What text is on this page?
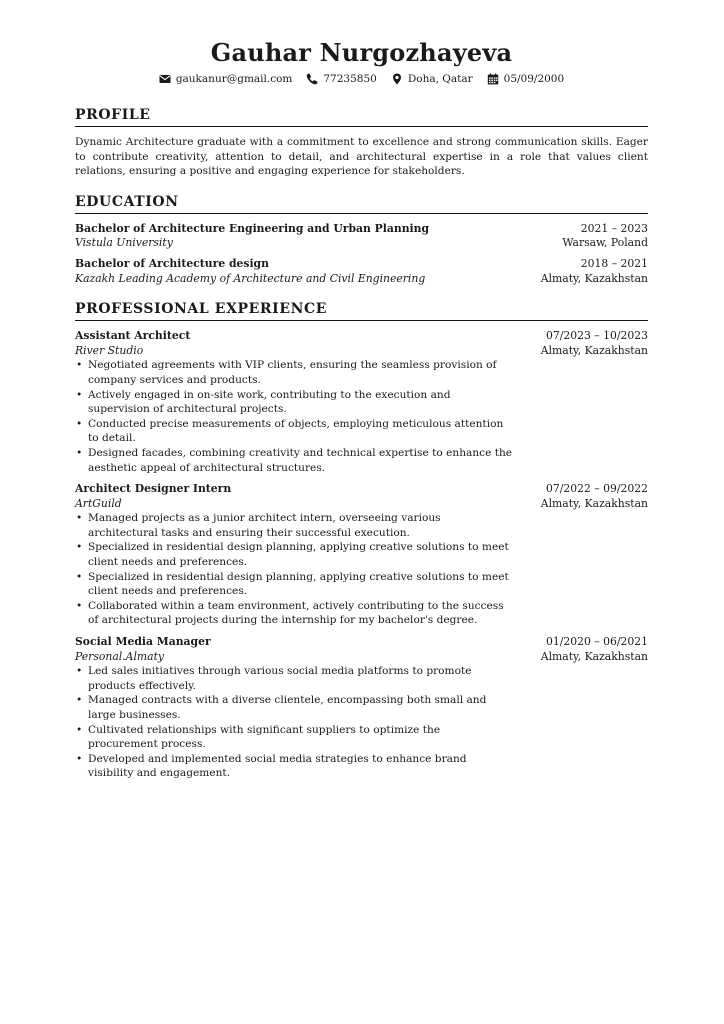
Gauhar Nurgozhayeva
gaukanur@gmail.com	77235850	Doha, Qatar	05/09/2000
PROFILE

Dynamic Architecture graduate with a commitment to excellence and strong communication skills. Eager to contribute creativity, attention to detail, and architectural expertise in a role that values client relations, ensuring a positive and engaging experience for stakeholders.

EDUCATION
Bachelor of Architecture Engineering and Urban Planning	2021 – 2023
Vistula University	Warsaw, Poland
Bachelor of Architecture design	2018 – 2021
Kazakh Leading Academy of Architecture and Civil Engineering	Almaty, Kazakhstan
PROFESSIONAL EXPERIENCE
Assistant Architect	07/2023 – 10/2023
River Studio	Almaty, Kazakhstan
• Negotiated agreements with VIP clients, ensuring the seamless provision of company services and products.
• Actively engaged in on-site work, contributing to the execution and supervision of architectural projects.
• Conducted precise measurements of objects, employing meticulous attention to detail.
• Designed facades, combining creativity and technical expertise to enhance the aesthetic appeal of architectural structures.
Architect Designer Intern	07/2022 – 09/2022
ArtGuild	Almaty, Kazakhstan
• Managed projects as a junior architect intern, overseeing various architectural tasks and ensuring their successful execution.
• Specialized in residential design planning, applying creative solutions to meet client needs and preferences.
• Specialized in residential design planning, applying creative solutions to meet client needs and preferences.
• Collaborated within a team environment, actively contributing to the success of architectural projects during the internship for my bachelor's degree.
Social Media Manager	01/2020 – 06/2021
Personal.Almaty	Almaty, Kazakhstan
• Led sales initiatives through various social media platforms to promote products effectively.
• Managed contracts with a diverse clientele, encompassing both small and large businesses.
• Cultivated relationships with significant suppliers to optimize the procurement process.
• Developed and implemented social media strategies to enhance brand visibility and engagement.
